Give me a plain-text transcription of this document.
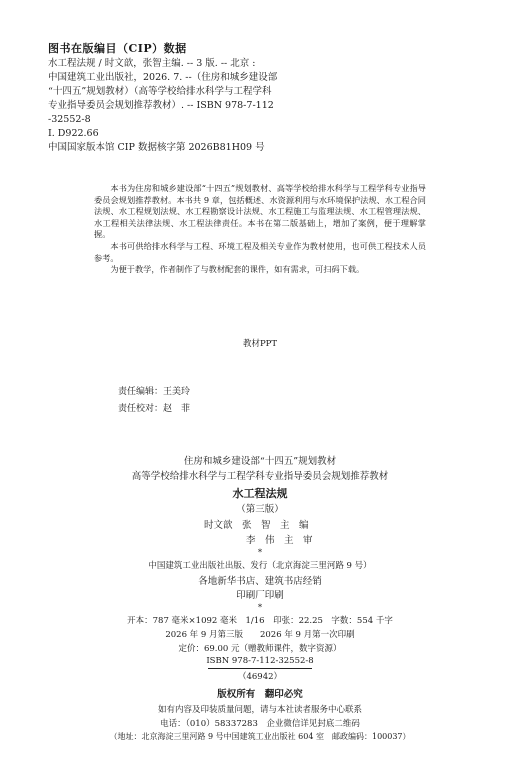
图书在版编目（CIP）数据
水工程法规 / 时文歆，张智主编. -- 3 版. -- 北京 :
中国建筑工业出版社，2026. 7. --（住房和城乡建设部
“十四五”规划教材）（高等学校给排水科学与工程学科
专业指导委员会规划推荐教材）. -- ISBN 978-7-112
-32552-8
Ⅰ. D922.66
中国国家版本馆 CIP 数据核字第 2026B81H09 号

本书为住房和城乡建设部“十四五”规划教材、高等学校给排水科学与工程学科专业指导委员会规划推荐教材。本书共 9 章，包括概述、水资源利用与水环境保护法规、水工程合同法规、水工程规划法规、水工程勘察设计法规、水工程施工与监理法规、水工程管理法规、水工程相关法律法规、水工程法律责任。本书在第二版基础上，增加了案例，便于理解掌握。

本书可供给排水科学与工程、环境工程及相关专业作为教材使用，也可供工程技术人员参考。

为便于教学，作者制作了与教材配套的课件，如有需求，可扫码下载。

教材PPT
责任编辑：王美玲
责任校对：赵　菲
住房和城乡建设部“十四五”规划教材
高等学校给排水科学与工程学科专业指导委员会规划推荐教材
水工程法规
（第三版）
时文歆　张　智　主　编
李　伟　主　审
*
中国建筑工业出版社出版、发行（北京海淀三里河路 9 号）
各地新华书店、建筑书店经销
印刷厂印刷
*
开本：787 毫米×1092 毫米　1/16　印张：22.25　字数：554 千字
2026 年 9 月第三版　　2026 年 9 月第一次印刷
定价：69.00 元（赠教师课件，数字资源）
ISBN 978-7-112-32552-8
（46942）
版权所有　翻印必究
如有内容及印装质量问题，请与本社读者服务中心联系
电话：（010）58337283　企业微信详见封底二维码
（地址：北京海淀三里河路 9 号中国建筑工业出版社 604 室　邮政编码：100037）
